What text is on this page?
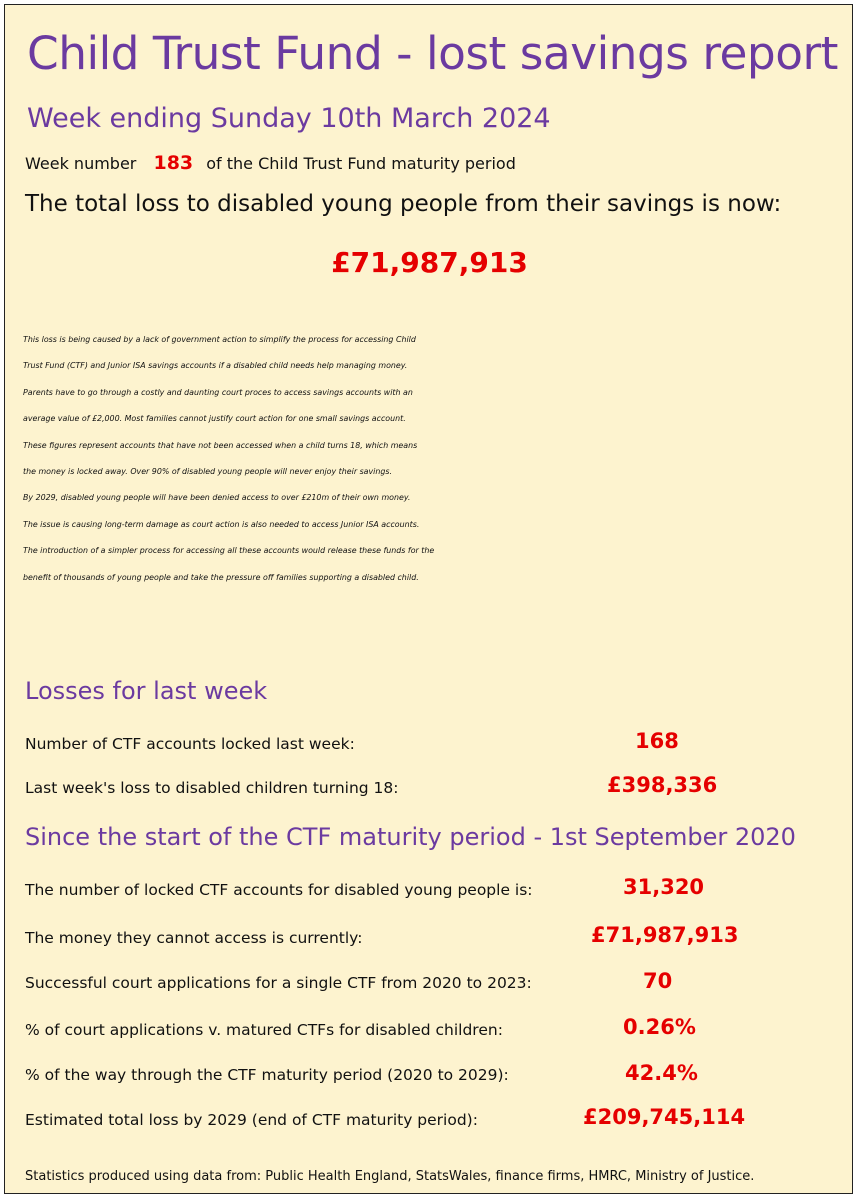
Child Trust Fund - lost savings report
Week ending Sunday 10th March 2024
Week number 183 of the Child Trust Fund maturity period
The total loss to disabled young people from their savings is now:
£71,987,913
This loss is being caused by a lack of government action to simplify the process for accessing Child
Trust Fund (CTF) and Junior ISA savings accounts if a disabled child needs help managing money.
Parents have to go through a costly and daunting court proces to access savings accounts with an
average value of £2,000. Most families cannot justify court action for one small savings account.
These figures represent accounts that have not been accessed when a child turns 18, which means
the money is locked away. Over 90% of disabled young people will never enjoy their savings.
By 2029, disabled young people will have been denied access to over £210m of their own money.
The issue is causing long-term damage as court action is also needed to access Junior ISA accounts.
The introduction of a simpler process for accessing all these accounts would release these funds for the
benefit of thousands of young people and take the pressure off families supporting a disabled child.
Losses for last week
Number of CTF accounts locked last week:	168
Last week's loss to disabled children turning 18:	£398,336
Since the start of the CTF maturity period - 1st September 2020
The number of locked CTF accounts for disabled young people is:	31,320
The money they cannot access is currently:	£71,987,913
Successful court applications for a single CTF from 2020 to 2023:	70
% of court applications v. matured CTFs for disabled children:	0.26%
% of the way through the CTF maturity period (2020 to 2029):	42.4%
Estimated total loss by 2029 (end of CTF maturity period):	£209,745,114
Statistics produced using data from: Public Health England, StatsWales, finance firms, HMRC, Ministry of Justice.
